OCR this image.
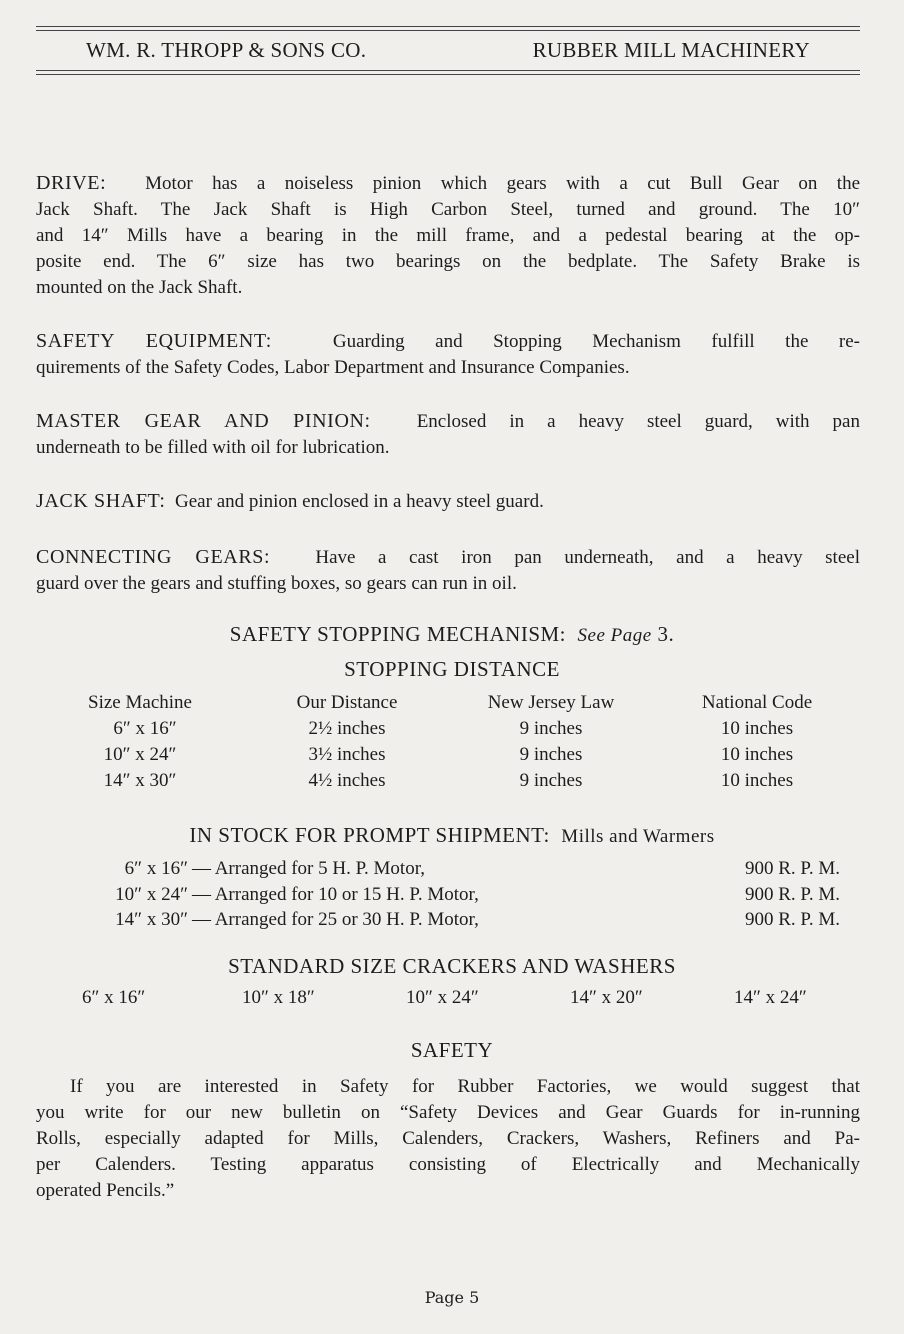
WM. R. THROPP & SONS CO.	RUBBER MILL MACHINERY
DRIVE: Motor has a noiseless pinion which gears with a cut Bull Gear on the
Jack Shaft. The Jack Shaft is High Carbon Steel, turned and ground. The 10″
and 14″ Mills have a bearing in the mill frame, and a pedestal bearing at the op-
posite end. The 6″ size has two bearings on the bedplate. The Safety Brake is
mounted on the Jack Shaft.
SAFETY EQUIPMENT:	Guarding and Stopping Mechanism fulfill the re-
quirements of the Safety Codes, Labor Department and Insurance Companies.
MASTER GEAR AND PINION: Enclosed in a heavy steel guard, with pan
underneath to be filled with oil for lubrication.
JACK SHAFT: Gear and pinion enclosed in a heavy steel guard.
CONNECTING GEARS: Have a cast iron pan underneath, and a heavy steel
guard over the gears and stuffing boxes, so gears can run in oil.
SAFETY STOPPING MECHANISM: See Page 3.
STOPPING DISTANCE
Size Machine	Our Distance	New Jersey Law	National Code
6″ x 16″	2½ inches	9 inches	10 inches
10″ x 24″	3½ inches	9 inches	10 inches
14″ x 30″	4½ inches	9 inches	10 inches
IN STOCK FOR PROMPT SHIPMENT: Mills and Warmers
6″ x 16″ — Arranged for 5 H. P. Motor,	900 R. P. M.
10″ x 24″ — Arranged for 10 or 15 H. P. Motor,	900 R. P. M.
14″ x 30″ — Arranged for 25 or 30 H. P. Motor,	900 R. P. M.
STANDARD SIZE CRACKERS AND WASHERS
6″ x 16″	10″ x 18″	10″ x 24″	14″ x 20″	14″ x 24″
SAFETY
If you are interested in Safety for Rubber Factories, we would suggest that
you write for our new bulletin on “Safety Devices and Gear Guards for in-running
Rolls, especially adapted for Mills, Calenders, Crackers, Washers, Refiners and Pa-
per Calenders. Testing apparatus consisting of Electrically and Mechanically
operated Pencils.”
Page 5
